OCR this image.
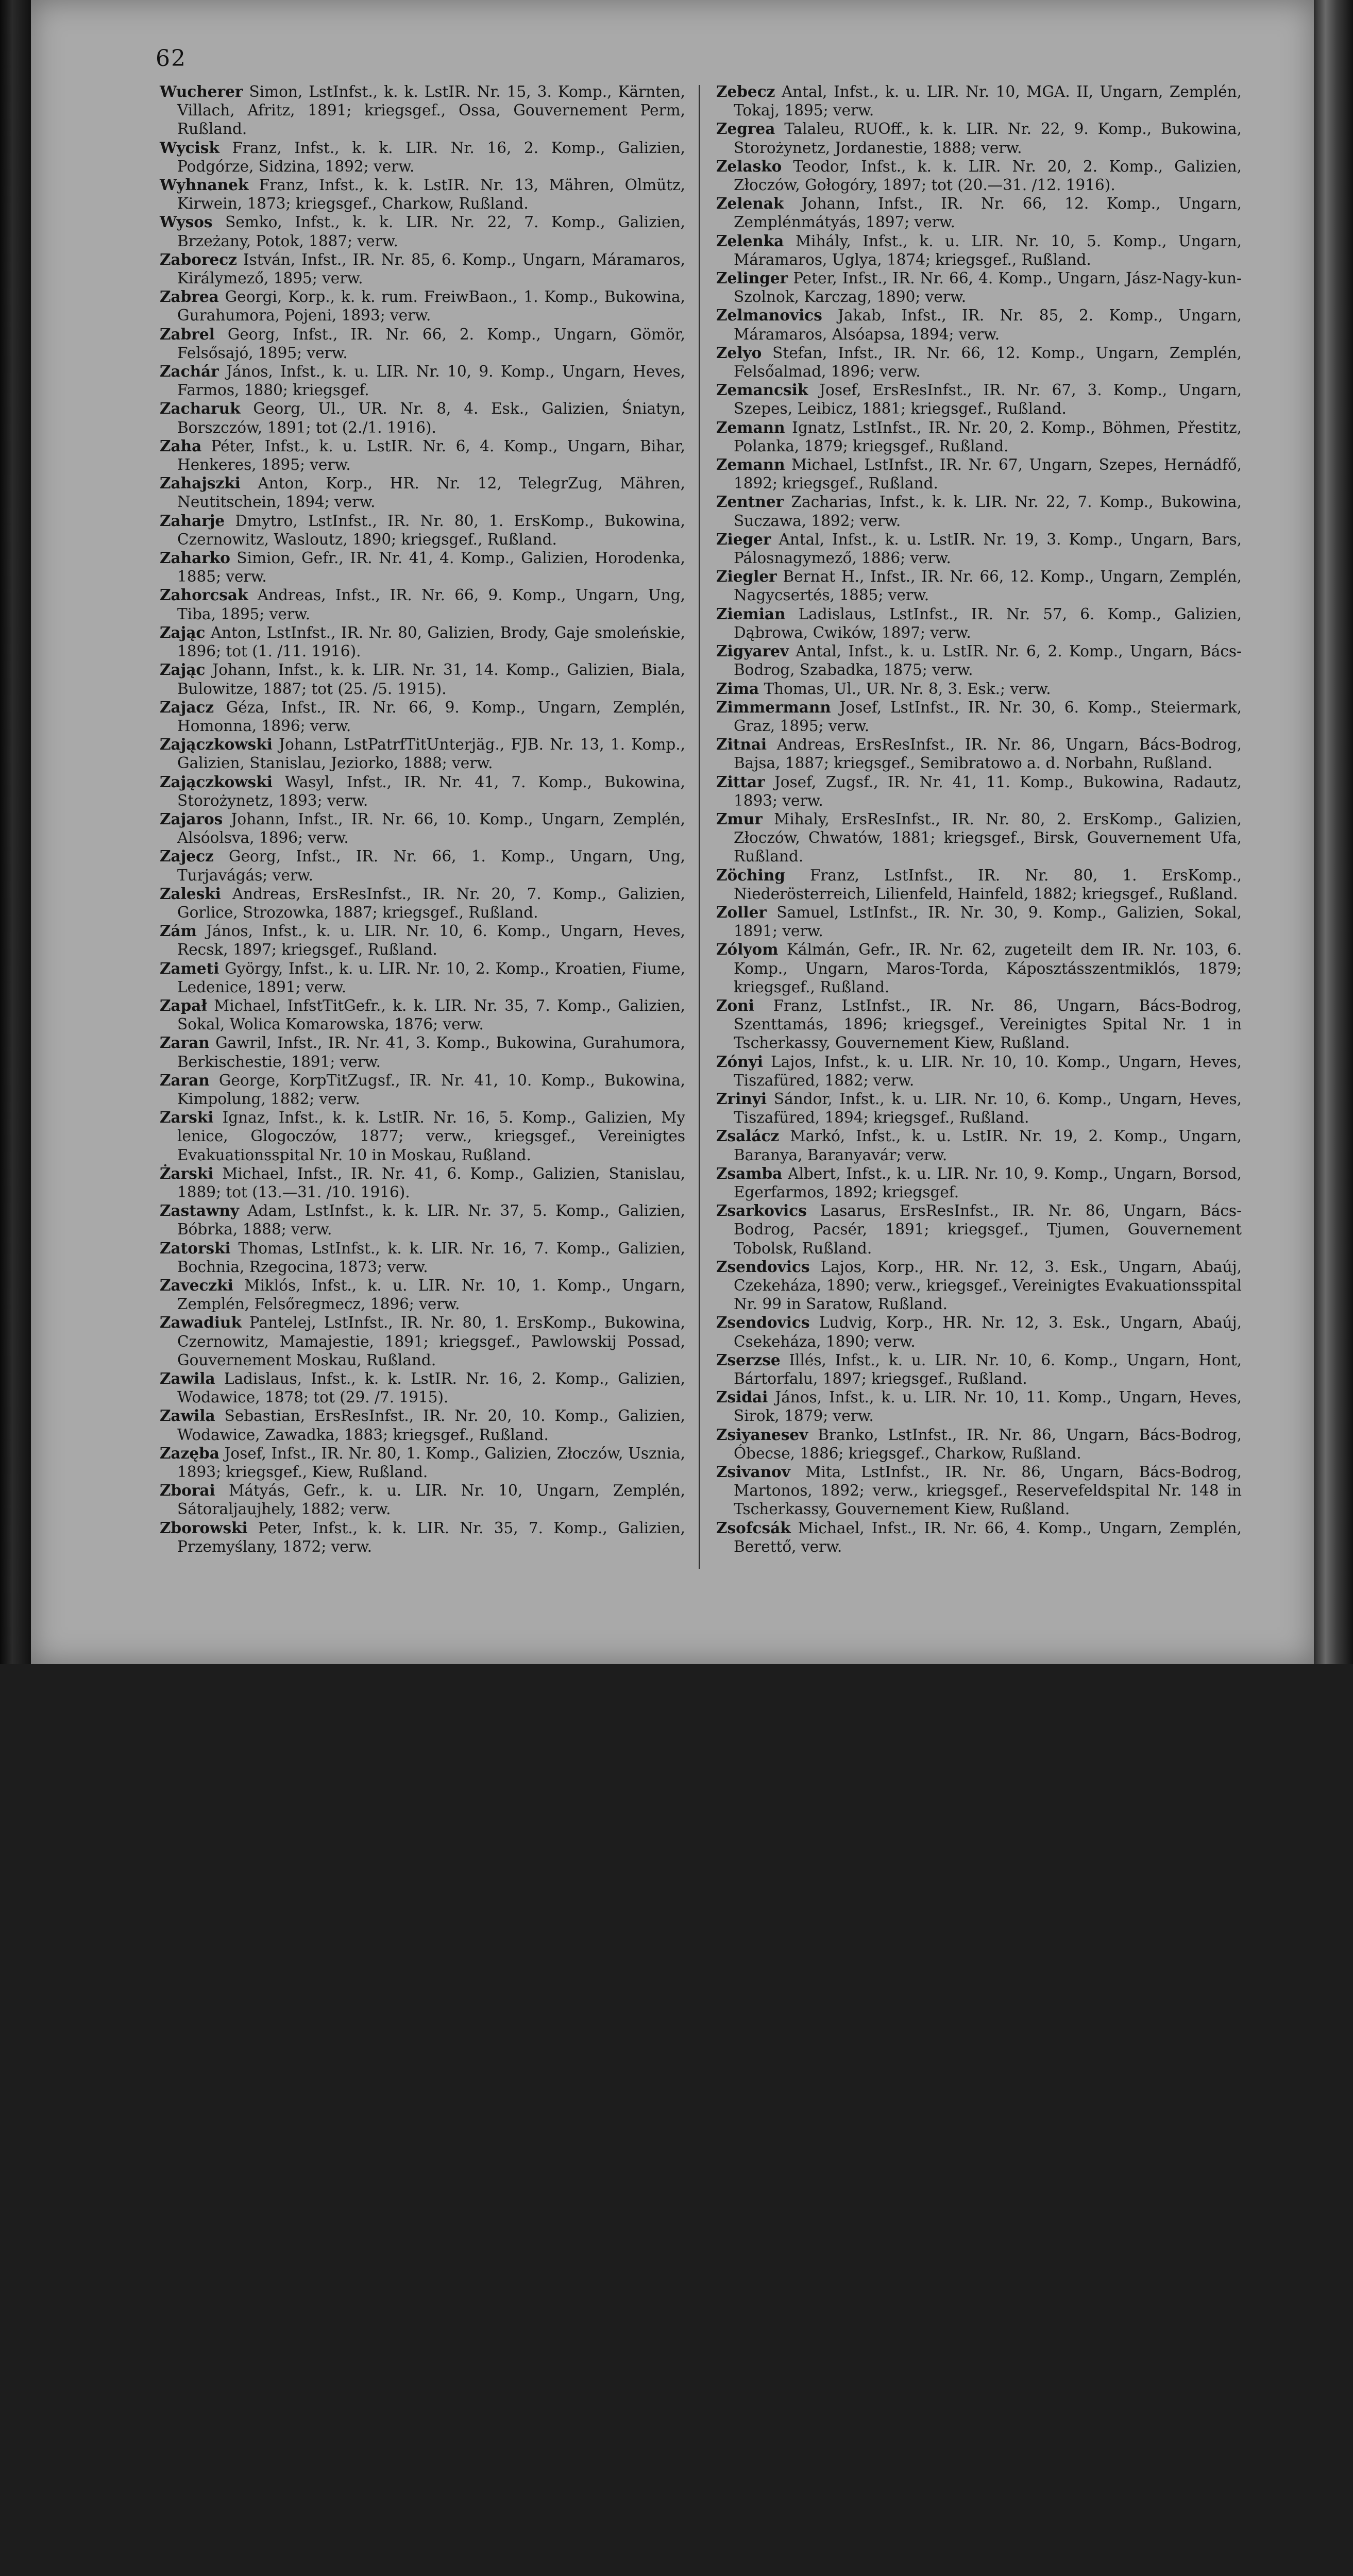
62

Wucherer Simon, LstInfst., k. k. LstIR. Nr. 15, 3. Komp., Kärnten, Villach, Afritz, 1891; kriegsgef., Ossa, Gouvernement Perm, Rußland.

Wycisk Franz, Infst., k. k. LIR. Nr. 16, 2. Komp., Galizien, Podgórze, Sidzina, 1892; verw.

Wyhnanek Franz, Infst., k. k. LstIR. Nr. 13, Mähren, Olmütz, Kirwein, 1873; kriegsgef., Charkow, Rußland.

Wysos Semko, Infst., k. k. LIR. Nr. 22, 7. Komp., Galizien, Brzeżany, Potok, 1887; verw.

Zaborecz István, Infst., IR. Nr. 85, 6. Komp., Ungarn, Máramaros, Királymező, 1895; verw.

Zabrea Georgi, Korp., k. k. rum. FreiwBaon., 1. Komp., Bukowina, Gurahumora, Pojeni, 1893; verw.

Zabrel Georg, Infst., IR. Nr. 66, 2. Komp., Ungarn, Gömör, Felsősajó, 1895; verw.

Zachár János, Infst., k. u. LIR. Nr. 10, 9. Komp., Ungarn, Heves, Farmos, 1880; kriegsgef.

Zacharuk Georg, Ul., UR. Nr. 8, 4. Esk., Galizien, Śniatyn, Borszczów, 1891; tot (2./1. 1916).

Zaha Péter, Infst., k. u. LstIR. Nr. 6, 4. Komp., Ungarn, Bihar, Henkeres, 1895; verw.

Zahajszki Anton, Korp., HR. Nr. 12, TelegrZug, Mähren, Neutitschein, 1894; verw.

Zaharje Dmytro, LstInfst., IR. Nr. 80, 1. ErsKomp., Bukowina, Czernowitz, Wasloutz, 1890; kriegsgef., Rußland.

Zaharko Simion, Gefr., IR. Nr. 41, 4. Komp., Galizien, Horodenka, 1885; verw.

Zahorcsak Andreas, Infst., IR. Nr. 66, 9. Komp., Ungarn, Ung, Tiba, 1895; verw.

Zając Anton, LstInfst., IR. Nr. 80, Galizien, Brody, Gaje smoleńskie, 1896; tot (1. /11. 1916).

Zając Johann, Infst., k. k. LIR. Nr. 31, 14. Komp., Galizien, Biala, Bulowitze, 1887; tot (25. /5. 1915).

Zajacz Géza, Infst., IR. Nr. 66, 9. Komp., Ungarn, Zemplén, Homonna, 1896; verw.

Zajączkowski Johann, LstPatrfTitUnterjäg., FJB. Nr. 13, 1. Komp., Galizien, Stanislau, Jeziorko, 1888; verw.

Zajączkowski Wasyl, Infst., IR. Nr. 41, 7. Komp., Bukowina, Storożynetz, 1893; verw.

Zajaros Johann, Infst., IR. Nr. 66, 10. Komp., Ungarn, Zemplén, Alsóolsva, 1896; verw.

Zajecz Georg, Infst., IR. Nr. 66, 1. Komp., Ungarn, Ung, Turjavágás; verw.

Zaleski Andreas, ErsResInfst., IR. Nr. 20, 7. Komp., Galizien, Gorlice, Strozowka, 1887; kriegsgef., Rußland.

Zám János, Infst., k. u. LIR. Nr. 10, 6. Komp., Ungarn, Heves, Recsk, 1897; kriegsgef., Rußland.

Zameti György, Infst., k. u. LIR. Nr. 10, 2. Komp., Kroatien, Fiume, Ledenice, 1891; verw.

Zapał Michael, InfstTitGefr., k. k. LIR. Nr. 35, 7. Komp., Galizien, Sokal, Wolica Komarowska, 1876; verw.

Zaran Gawril, Infst., IR. Nr. 41, 3. Komp., Bukowina, Gurahumora, Berkischestie, 1891; verw.

Zaran George, KorpTitZugsf., IR. Nr. 41, 10. Komp., Bukowina, Kimpolung, 1882; verw.

Zarski Ignaz, Infst., k. k. LstIR. Nr. 16, 5. Komp., Galizien, My lenice, Glogoczów, 1877; verw., kriegsgef., Vereinigtes Evakuationsspital Nr. 10 in Moskau, Rußland.

Żarski Michael, Infst., IR. Nr. 41, 6. Komp., Galizien, Stanislau, 1889; tot (13.—31. /10. 1916).

Zastawny Adam, LstInfst., k. k. LIR. Nr. 37, 5. Komp., Galizien, Bóbrka, 1888; verw.

Zatorski Thomas, LstInfst., k. k. LIR. Nr. 16, 7. Komp., Galizien, Bochnia, Rzegocina, 1873; verw.

Zaveczki Miklós, Infst., k. u. LIR. Nr. 10, 1. Komp., Ungarn, Zemplén, Felsőregmecz, 1896; verw.

Zawadiuk Pantelej, LstInfst., IR. Nr. 80, 1. ErsKomp., Bukowina, Czernowitz, Mamajestie, 1891; kriegsgef., Pawlowskij Possad, Gouvernement Moskau, Rußland.

Zawila Ladislaus, Infst., k. k. LstIR. Nr. 16, 2. Komp., Galizien, Wodawice, 1878; tot (29. /7. 1915).

Zawila Sebastian, ErsResInfst., IR. Nr. 20, 10. Komp., Galizien, Wodawice, Zawadka, 1883; kriegsgef., Rußland.

Zazęba Josef, Infst., IR. Nr. 80, 1. Komp., Galizien, Złoczów, Usznia, 1893; kriegsgef., Kiew, Rußland.

Zborai Mátyás, Gefr., k. u. LIR. Nr. 10, Ungarn, Zemplén, Sátoraljaujhely, 1882; verw.

Zborowski Peter, Infst., k. k. LIR. Nr. 35, 7. Komp., Galizien, Przemyślany, 1872; verw.

Zebecz Antal, Infst., k. u. LIR. Nr. 10, MGA. II, Ungarn, Zemplén, Tokaj, 1895; verw.

Zegrea Talaleu, RUOff., k. k. LIR. Nr. 22, 9. Komp., Bukowina, Storożynetz, Jordanestie, 1888; verw.

Zelasko Teodor, Infst., k. k. LIR. Nr. 20, 2. Komp., Galizien, Złoczów, Gołogóry, 1897; tot (20.—31. /12. 1916).

Zelenak Johann, Infst., IR. Nr. 66, 12. Komp., Ungarn, Zemplénmátyás, 1897; verw.

Zelenka Mihály, Infst., k. u. LIR. Nr. 10, 5. Komp., Ungarn, Máramaros, Uglya, 1874; kriegsgef., Rußland.

Zelinger Peter, Infst., IR. Nr. 66, 4. Komp., Ungarn, Jász-Nagy-kun-Szolnok, Karczag, 1890; verw.

Zelmanovics Jakab, Infst., IR. Nr. 85, 2. Komp., Ungarn, Máramaros, Alsóapsa, 1894; verw.

Zelyo Stefan, Infst., IR. Nr. 66, 12. Komp., Ungarn, Zemplén, Felsőalmad, 1896; verw.

Zemancsik Josef, ErsResInfst., IR. Nr. 67, 3. Komp., Ungarn, Szepes, Leibicz, 1881; kriegsgef., Rußland.

Zemann Ignatz, LstInfst., IR. Nr. 20, 2. Komp., Böhmen, Přestitz, Polanka, 1879; kriegsgef., Rußland.

Zemann Michael, LstInfst., IR. Nr. 67, Ungarn, Szepes, Hernádfő, 1892; kriegsgef., Rußland.

Zentner Zacharias, Infst., k. k. LIR. Nr. 22, 7. Komp., Bukowina, Suczawa, 1892; verw.

Zieger Antal, Infst., k. u. LstIR. Nr. 19, 3. Komp., Ungarn, Bars, Pálosnagymező, 1886; verw.

Ziegler Bernat H., Infst., IR. Nr. 66, 12. Komp., Ungarn, Zemplén, Nagycsertés, 1885; verw.

Ziemian Ladislaus, LstInfst., IR. Nr. 57, 6. Komp., Galizien, Dąbrowa, Cwików, 1897; verw.

Zigyarev Antal, Infst., k. u. LstIR. Nr. 6, 2. Komp., Ungarn, Bács-Bodrog, Szabadka, 1875; verw.

Zima Thomas, Ul., UR. Nr. 8, 3. Esk.; verw.

Zimmermann Josef, LstInfst., IR. Nr. 30, 6. Komp., Steiermark, Graz, 1895; verw.

Zitnai Andreas, ErsResInfst., IR. Nr. 86, Ungarn, Bács-Bodrog, Bajsa, 1887; kriegsgef., Semibratowo a. d. Norbahn, Rußland.

Zittar Josef, Zugsf., IR. Nr. 41, 11. Komp., Bukowina, Radautz, 1893; verw.

Zmur Mihaly, ErsResInfst., IR. Nr. 80, 2. ErsKomp., Galizien, Złoczów, Chwatów, 1881; kriegsgef., Birsk, Gouvernement Ufa, Rußland.

Zöching Franz, LstInfst., IR. Nr. 80, 1. ErsKomp., Niederösterreich, Lilienfeld, Hainfeld, 1882; kriegsgef., Rußland.

Zoller Samuel, LstInfst., IR. Nr. 30, 9. Komp., Galizien, Sokal, 1891; verw.

Zólyom Kálmán, Gefr., IR. Nr. 62, zugeteilt dem IR. Nr. 103, 6. Komp., Ungarn, Maros-Torda, Káposztásszentmiklós, 1879; kriegsgef., Rußland.

Zoni Franz, LstInfst., IR. Nr. 86, Ungarn, Bács-Bodrog, Szenttamás, 1896; kriegsgef., Vereinigtes Spital Nr. 1 in Tscherkassy, Gouvernement Kiew, Rußland.

Zónyi Lajos, Infst., k. u. LIR. Nr. 10, 10. Komp., Ungarn, Heves, Tiszafüred, 1882; verw.

Zrinyi Sándor, Infst., k. u. LIR. Nr. 10, 6. Komp., Ungarn, Heves, Tiszafüred, 1894; kriegsgef., Rußland.

Zsalácz Markó, Infst., k. u. LstIR. Nr. 19, 2. Komp., Ungarn, Baranya, Baranyavár; verw.

Zsamba Albert, Infst., k. u. LIR. Nr. 10, 9. Komp., Ungarn, Borsod, Egerfarmos, 1892; kriegsgef.

Zsarkovics Lasarus, ErsResInfst., IR. Nr. 86, Ungarn, Bács-Bodrog, Pacsér, 1891; kriegsgef., Tjumen, Gouvernement Tobolsk, Rußland.

Zsendovics Lajos, Korp., HR. Nr. 12, 3. Esk., Ungarn, Abaúj, Czekeháza, 1890; verw., kriegsgef., Vereinigtes Evakuationsspital Nr. 99 in Saratow, Rußland.

Zsendovics Ludvig, Korp., HR. Nr. 12, 3. Esk., Ungarn, Abaúj, Csekeháza, 1890; verw.

Zserzse Illés, Infst., k. u. LIR. Nr. 10, 6. Komp., Ungarn, Hont, Bártorfalu, 1897; kriegsgef., Rußland.

Zsidai János, Infst., k. u. LIR. Nr. 10, 11. Komp., Ungarn, Heves, Sirok, 1879; verw.

Zsiyanesev Branko, LstInfst., IR. Nr. 86, Ungarn, Bács-Bodrog, Óbecse, 1886; kriegsgef., Charkow, Rußland.

Zsivanov Mita, LstInfst., IR. Nr. 86, Ungarn, Bács-Bodrog, Martonos, 1892; verw., kriegsgef., Reservefeldspital Nr. 148 in Tscherkassy, Gouvernement Kiew, Rußland.

Zsofcsák Michael, Infst., IR. Nr. 66, 4. Komp., Ungarn, Zemplén, Berettő, verw.
